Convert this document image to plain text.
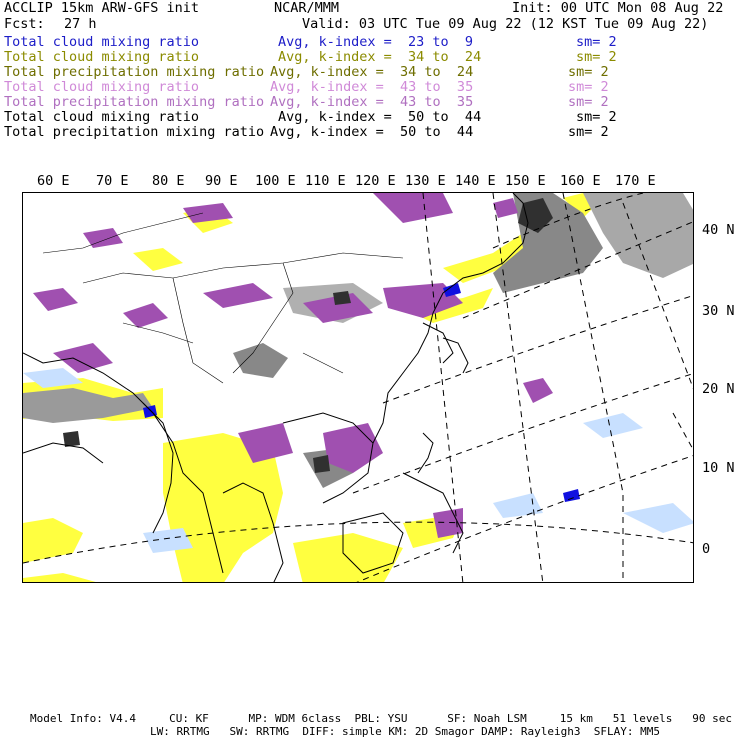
ACCLIP 15km ARW-GFS init	NCAR/MMM	Init: 00 UTC Mon 08 Aug 22
Fcst: 27 h	Valid: 03 UTC Tue 09 Aug 22 (12 KST Tue 09 Aug 22)
Total cloud mixing ratio	Avg, k-index =  23 to  9	sm= 2
Total cloud mixing ratio	Avg, k-index =  34 to  24	sm= 2
Total precipitation mixing ratio Avg, k-index =  34 to  24	sm= 2
Total cloud mixing ratio	Avg, k-index =  43 to  35	sm= 2
Total precipitation mixing ratio Avg, k-index =  43 to  35	sm= 2
Total cloud mixing ratio	Avg, k-index =  50 to  44	sm= 2
Total precipitation mixing ratio Avg, k-index =  50 to  44	sm= 2
60 E 70 E 80 E 90 E 100 E 110 E 120 E 130 E 140 E 150 E 160 E 170 E
40 N
30 N
20 N
10 N
0
Model Info: V4.4     CU: KF      MP: WDM 6class  PBL: YSU      SF: Noah LSM     15 km   51 levels   90 sec
LW: RRTMG   SW: RRTMG  DIFF: simple KM: 2D Smagor DAMP: Rayleigh3  SFLAY: MM5
